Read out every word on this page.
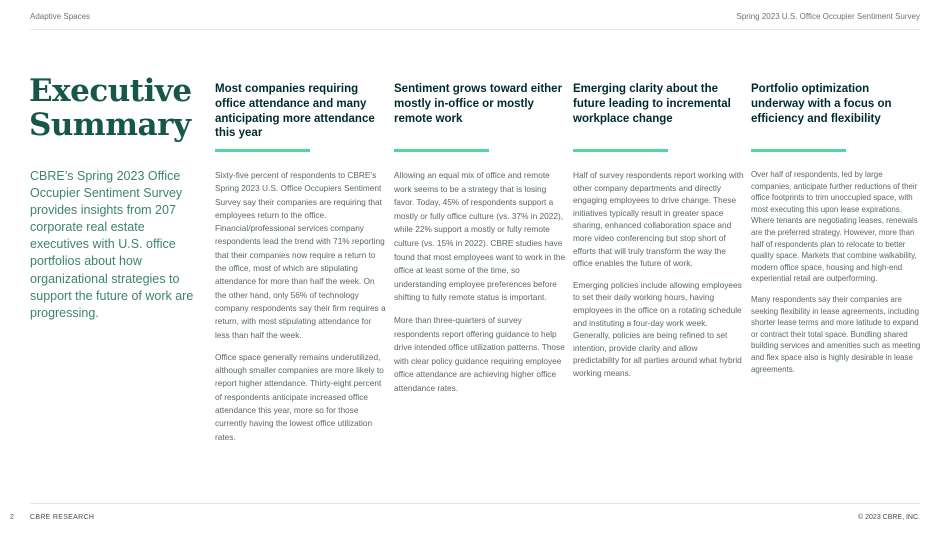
Adaptive Spaces	Spring 2023 U.S. Office Occupier Sentiment Survey
Executive Summary
CBRE’s Spring 2023 Office Occupier Sentiment Survey provides insights from 207 corporate real estate executives with U.S. office portfolios about how organizational strategies to support the future of work are progressing.
Most companies requiring office attendance and many anticipating more attendance this year

Sixty-five percent of respondents to CBRE’s Spring 2023 U.S. Office Occupiers Sentiment Survey say their companies are requiring that employees return to the office. Financial/professional services company respondents lead the trend with 71% reporting that their companies now require a return to the office, most of which are stipulating attendance for more than half the week. On the other hand, only 56% of technology company respondents say their firm requires a return, with most stipulating attendance for less than half the week.

Office space generally remains underutilized, although smaller companies are more likely to report higher attendance. Thirty-eight percent of respondents anticipate increased office attendance this year, more so for those currently having the lowest office utilization rates.

Sentiment grows toward either mostly in-office or mostly remote work

Allowing an equal mix of office and remote work seems to be a strategy that is losing favor. Today, 45% of respondents support a mostly or fully office culture (vs. 37% in 2022), while 22% support a mostly or fully remote culture (vs. 15% in 2022). CBRE studies have found that most employees want to work in the office at least some of the time, so understanding employee preferences before shifting to fully remote status is important.

More than three-quarters of survey respondents report offering guidance to help drive intended office utilization patterns. Those with clear policy guidance requiring employee office attendance are achieving higher office attendance rates.

Emerging clarity about the future leading to incremental workplace change

Half of survey respondents report working with other company departments and directly engaging employees to drive change. These initiatives typically result in greater space sharing, enhanced collaboration space and more video conferencing but stop short of efforts that will truly transform the way the office enables the future of work.

Emerging policies include allowing employees to set their daily working hours, having employees in the office on a rotating schedule and instituting a four-day work week. Generally, policies are being refined to set intention, provide clarity and allow predictability for all parties around what hybrid working means.

Portfolio optimization underway with a focus on efficiency and flexibility

Over half of respondents, led by large companies, anticipate further reductions of their office footprints to trim unoccupied space, with most executing this upon lease expirations. Where tenants are negotiating leases, renewals are the preferred strategy. However, more than half of respondents plan to relocate to better quality space. Markets that combine walkability, modern office space, housing and high-end experiential retail are outperforming.

Many respondents say their companies are seeking flexibility in lease agreements, including shorter lease terms and more latitude to expand or contract their total space. Bundling shared building services and amenities such as meeting and flex space also is highly desirable in lease agreements.

2 CBRE RESEARCH	© 2023 CBRE, INC.
